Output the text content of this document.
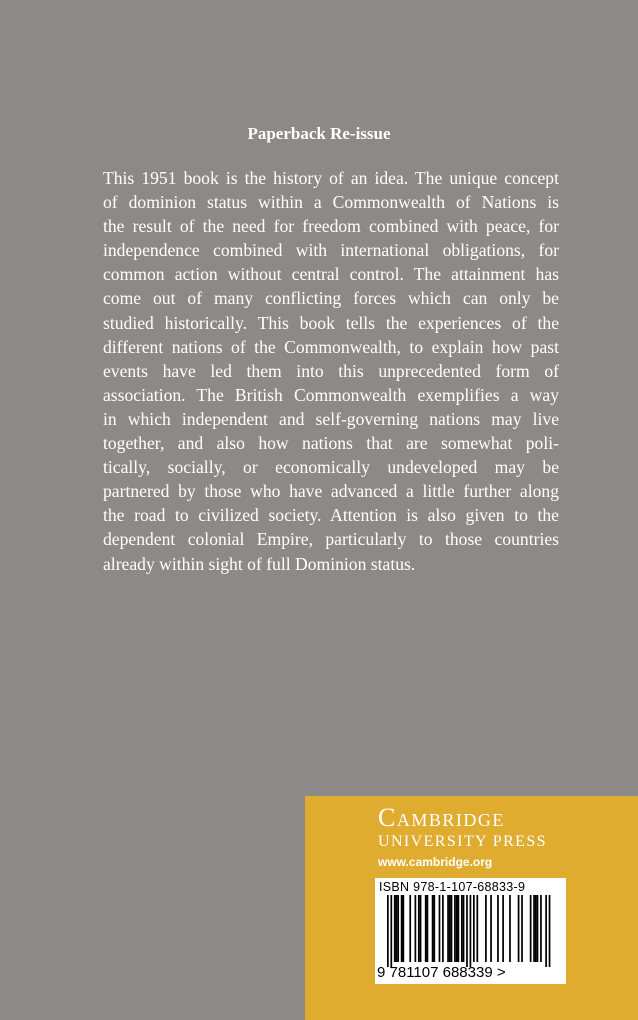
Paperback Re-issue
This 1951 book is the history of an idea. The unique concept
of dominion status within a Commonwealth of Nations is
the result of the need for freedom combined with peace, for
independence combined with international obligations, for
common action without central control. The attainment has
come out of many conflicting forces which can only be
studied historically. This book tells the experiences of the
different nations of the Commonwealth, to explain how past
events have led them into this unprecedented form of
association. The British Commonwealth exemplifies a way
in which independent and self-governing nations may live
together, and also how nations that are somewhat poli-
tically, socially, or economically undeveloped may be
partnered by those who have advanced a little further along
the road to civilized society. Attention is also given to the
dependent colonial Empire, particularly to those countries
already within sight of full Dominion status.
Cambridge
UNIVERSITY PRESS
www.cambridge.org
ISBN 978-1-107-68833-9
9 781107 688339 >
